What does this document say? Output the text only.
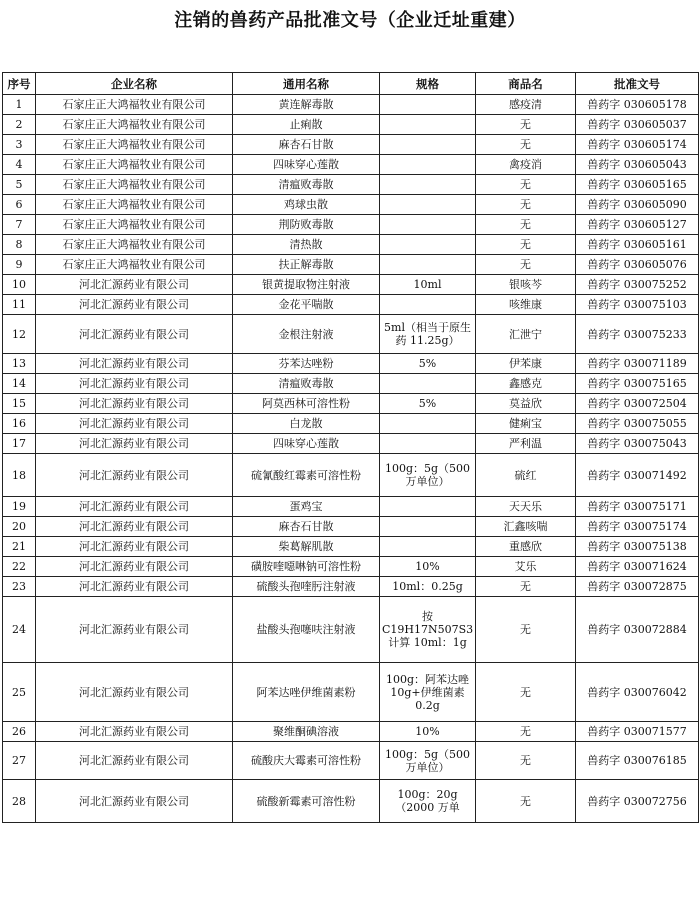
注销的兽药产品批准文号（企业迁址重建）
序号	企业名称	通用名称	规格	商品名	批准文号
1	石家庄正大鸿福牧业有限公司	黄连解毒散		感疫清	兽药字 030605178
2	石家庄正大鸿福牧业有限公司	止痢散		无	兽药字 030605037
3	石家庄正大鸿福牧业有限公司	麻杏石甘散		无	兽药字 030605174
4	石家庄正大鸿福牧业有限公司	四味穿心莲散		禽疫消	兽药字 030605043
5	石家庄正大鸿福牧业有限公司	清瘟败毒散		无	兽药字 030605165
6	石家庄正大鸿福牧业有限公司	鸡球虫散		无	兽药字 030605090
7	石家庄正大鸿福牧业有限公司	荆防败毒散		无	兽药字 030605127
8	石家庄正大鸿福牧业有限公司	清热散		无	兽药字 030605161
9	石家庄正大鸿福牧业有限公司	扶正解毒散		无	兽药字 030605076
10	河北汇源药业有限公司	银黄提取物注射液	10ml	银咳芩	兽药字 030075252
11	河北汇源药业有限公司	金花平喘散		咳维康	兽药字 030075103
12	河北汇源药业有限公司	金根注射液	5ml（相当于原生药 11.25g）	汇泄宁	兽药字 030075233
13	河北汇源药业有限公司	芬苯达唑粉	5%	伊苯康	兽药字 030071189
14	河北汇源药业有限公司	清瘟败毒散		鑫感克	兽药字 030075165
15	河北汇源药业有限公司	阿莫西林可溶性粉	5%	莫益欣	兽药字 030072504
16	河北汇源药业有限公司	白龙散		健痢宝	兽药字 030075055
17	河北汇源药业有限公司	四味穿心莲散		严利温	兽药字 030075043
18	河北汇源药业有限公司	硫氰酸红霉素可溶性粉	100g：5g（500 万单位）	硫红	兽药字 030071492
19	河北汇源药业有限公司	蛋鸡宝		天天乐	兽药字 030075171
20	河北汇源药业有限公司	麻杏石甘散		汇鑫咳喘	兽药字 030075174
21	河北汇源药业有限公司	柴葛解肌散		重感欣	兽药字 030075138
22	河北汇源药业有限公司	磺胺喹噁啉钠可溶性粉	10%	艾乐	兽药字 030071624
23	河北汇源药业有限公司	硫酸头孢喹肟注射液	10ml：0.25g	无	兽药字 030072875
24	河北汇源药业有限公司	盐酸头孢噻呋注射液	按 C19H17N507S3 计算 10ml：1g	无	兽药字 030072884
25	河北汇源药业有限公司	阿苯达唑伊维菌素粉	100g：阿苯达唑 10g+伊维菌素 0.2g	无	兽药字 030076042
26	河北汇源药业有限公司	聚维酮碘溶液	10%	无	兽药字 030071577
27	河北汇源药业有限公司	硫酸庆大霉素可溶性粉	100g：5g（500 万单位）	无	兽药字 030076185
28	河北汇源药业有限公司	硫酸新霉素可溶性粉	100g：20g（2000 万单	无	兽药字 030072756
